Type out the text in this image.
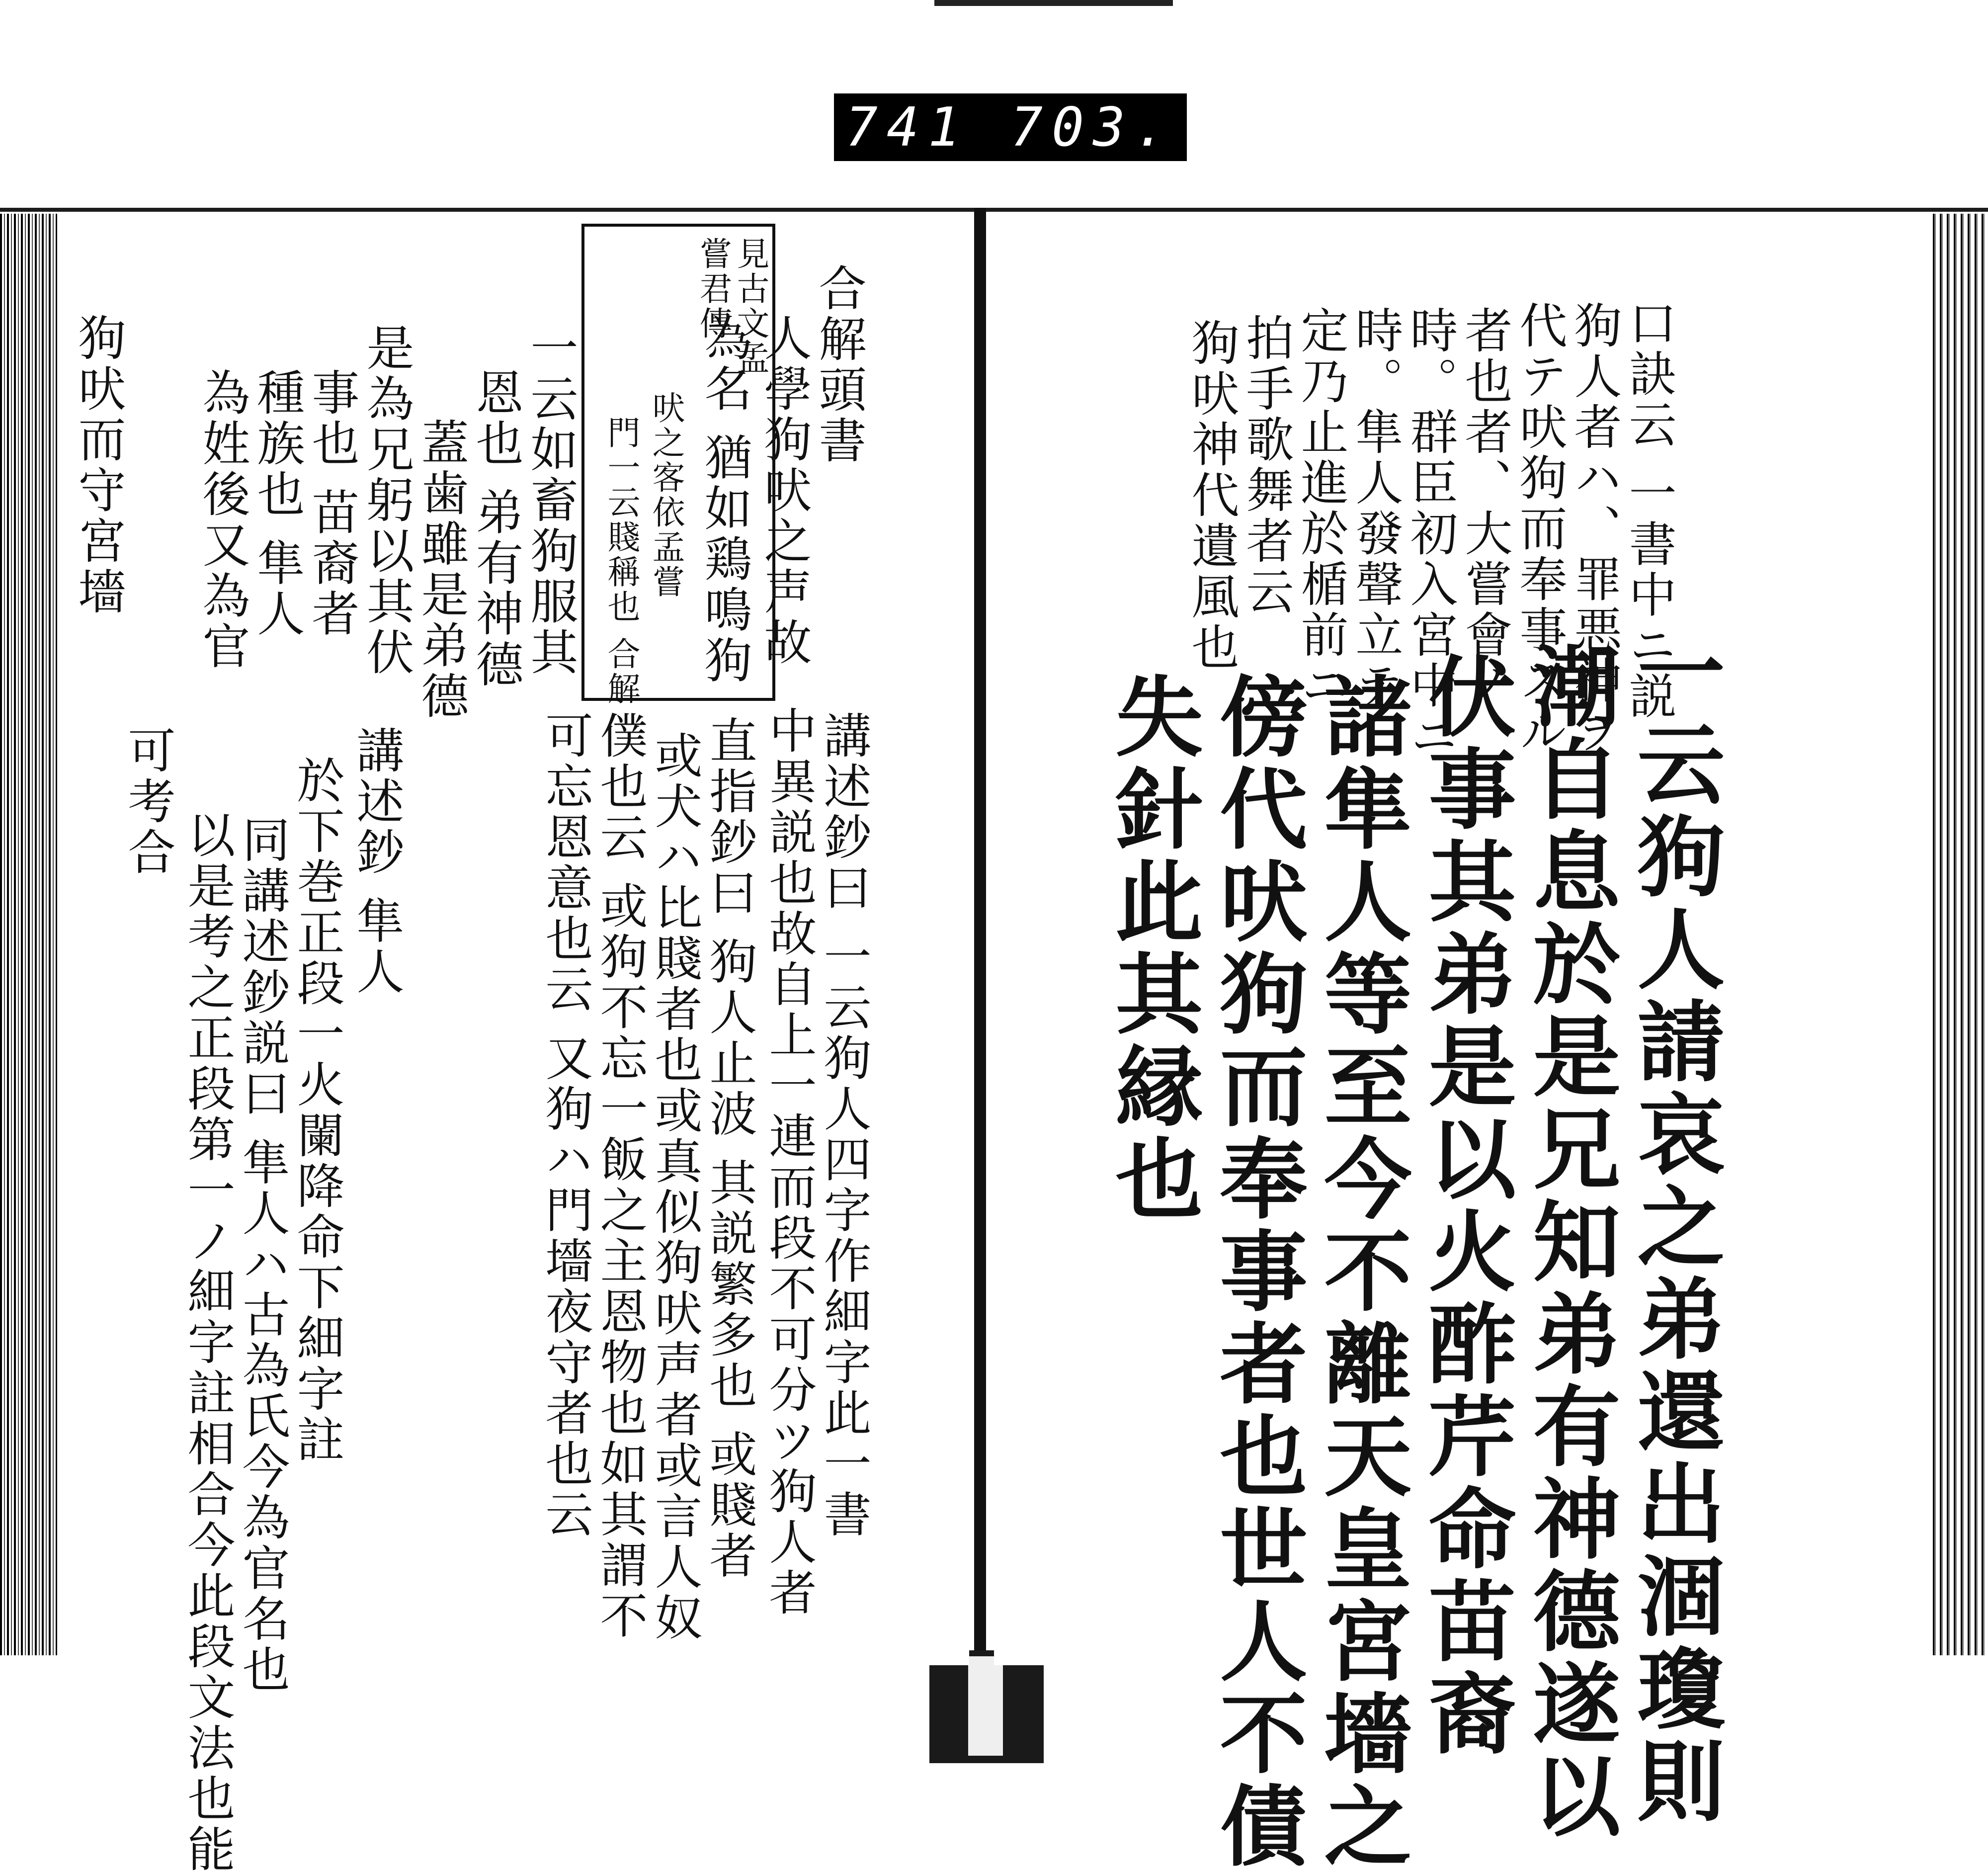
741 703.
口訣云 一書中ニ説
狗人者ハ、罪悪神ヲ
代テ吠狗而奉事スル
者也者、大嘗會ノ
時。群臣初入宮中ニ
時。隼人發聲立テ
定乃止進於楯前ニ
拍手歌舞者云
狗吠神代遺風也
一云狗人請哀之弟還出涸瓊則
潮自息於是兄知弟有神德遂以
伏事其弟是以火酢芹命苗裔
諸隼人等至今不離天皇宮墻之
傍代吠狗而奉事者也世人不債
失針此其縁也
合解頭書
人學狗吠之声故
為名 猶如鶏鳴狗
一云如畜狗服其
恩也 弟有神德
蓋歯雖是弟德
是為兄躬以其伏
事也 苗裔者
種族也 隼人
為姓後又為官
狗吠而守宮墻
見古文孟
嘗君傳
吠之客依孟嘗
門一云賤稱也 合解
講述鈔曰 一云狗人四字作細字此一書
中異説也故自上一連而段不可分ツ狗人者
直指鈔曰 狗人止波 其説繁多也 或賤者
或犬ハ比賤者也或真似狗吠声者或言人奴
僕也云 或狗不忘一飯之主恩物也如其謂不
可忘恩意也云 又狗ハ門墻夜守者也云
講述鈔 隼人
於下巻正段一火闌降命下細字註
同講述鈔説曰 隼人ハ古為氏今為官名也
以是考之正段第一ノ細字註相合今此段文法也能
可考合
